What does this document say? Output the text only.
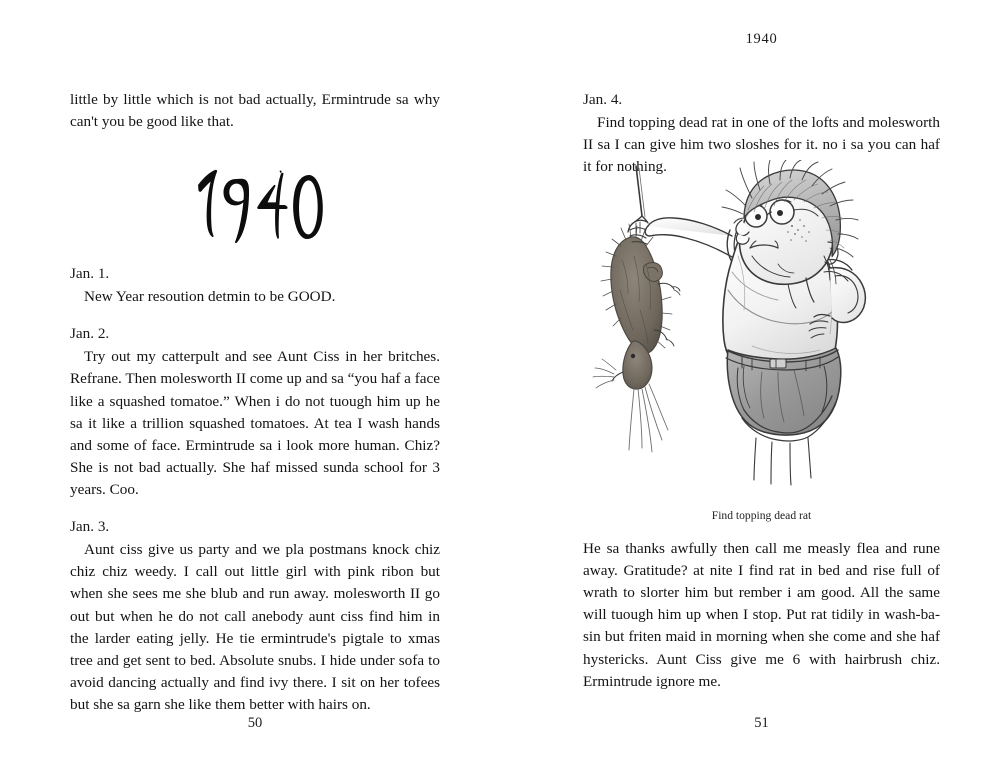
little by little which is not bad actually, Ermintrude sa why can't you be good like that.

Jan. 1.

New Year resoution detmin to be GOOD.

Jan. 2.

Try out my catterpult and see Aunt Ciss in her britches. Refrane. Then molesworth II come up and sa “you haf a face like a squashed tomatoe.” When i do not tuough him up he sa it like a trillion squashed tomatoes. At tea I wash hands and some of face. Ermintrude sa i look more human. Chiz? She is not bad actually. She haf missed sunda school for 3 years. Coo.

Jan. 3.

Aunt ciss give us party and we pla postmans knock chiz chiz chiz weedy. I call out little girl with pink ribon but when she sees me she blub and run away. molesworth II go out but when he do not call anebody aunt ciss find him in the larder eating jelly. He tie ermintrude's pigtale to xmas tree and get sent to bed. Absolute snubs. I hide under sofa to avoid dancing actually and find ivy there. I sit on her tofees but she sa garn she like them better with hairs on.

50
1940

Jan. 4.

Find topping dead rat in one of the lofts and molesworth II sa I can give him two sloshes for it. no i sa you can haf it for nothing.

Find topping dead rat
He sa thanks awfully then call me measly flea and rune away. Gratitude? at nite I find rat in bed and rise full of wrath to slorter him but rember i am good. All the same will tuough him up when I stop. Put rat tidily in wash-basin but friten maid in morning when she come and she haf hystericks. Aunt Ciss give me 6 with hairbrush chiz. Ermintrude ignore me.
51
